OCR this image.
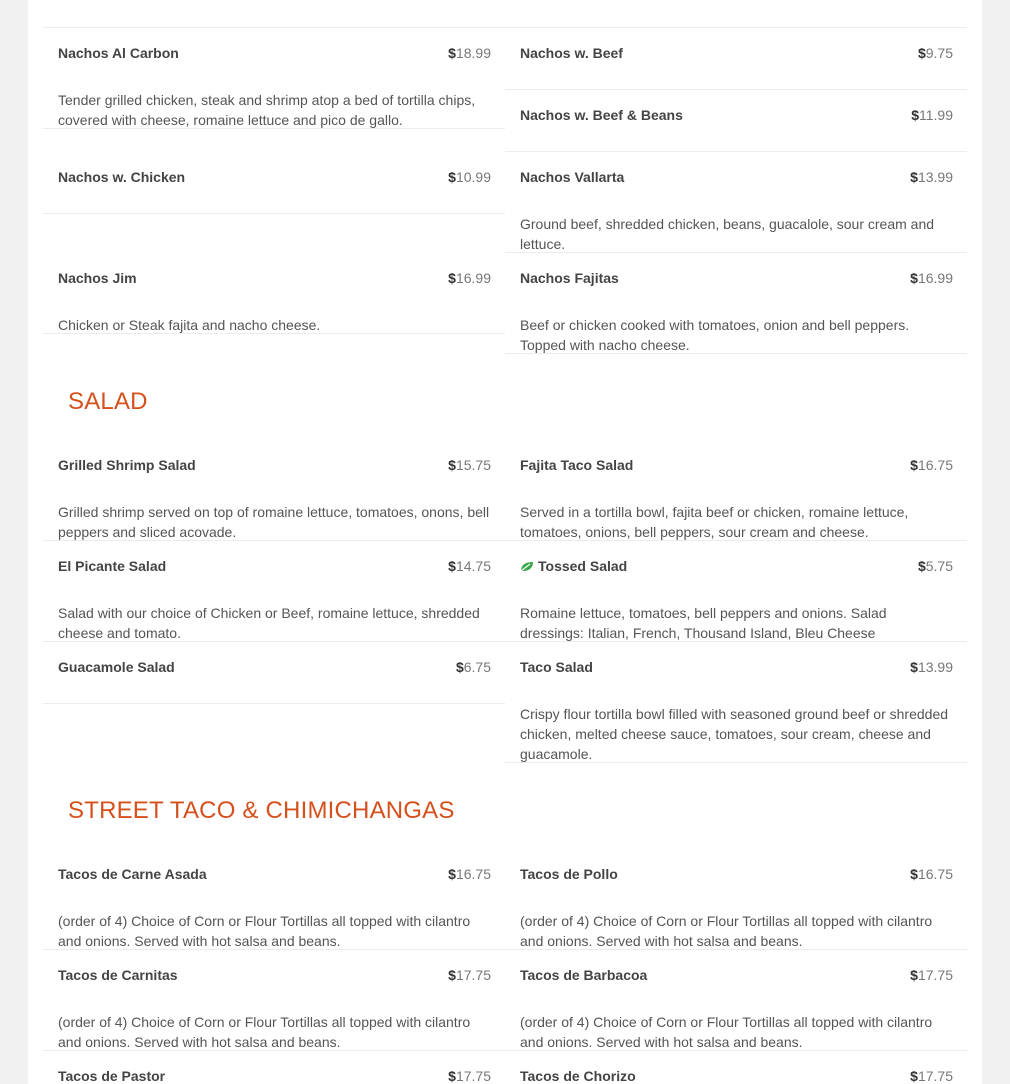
Nachos Al Carbon	$18.99
Tender grilled chicken, steak and shrimp atop a bed of tortilla chips, covered with cheese, romaine lettuce and pico de gallo.
Nachos w. Beef	$9.75
Nachos w. Beef & Beans	$11.99
Nachos w. Chicken	$10.99 Nachos Vallarta	$13.99
Ground beef, shredded chicken, beans, guacalole, sour cream and lettuce.
Nachos Jim	$16.99
Chicken or Steak fajita and nacho cheese.
Nachos Fajitas	$16.99
Beef or chicken cooked with tomatoes, onion and bell peppers. Topped with nacho cheese.
SALAD
Grilled Shrimp Salad	$15.75
Grilled shrimp served on top of romaine lettuce, tomatoes, onons, bell peppers and sliced acovade.
Fajita Taco Salad	$16.75
Served in a tortilla bowl, fajita beef or chicken, romaine lettuce, tomatoes, onions, bell peppers, sour cream and cheese.
El Picante Salad	$14.75
Salad with our choice of Chicken or Beef, romaine lettuce, shredded cheese and tomato.
Tossed Salad	$5.75
Romaine lettuce, tomatoes, bell peppers and onions. Salad dressings: Italian, French, Thousand Island, Bleu Cheese
Guacamole Salad	$6.75 Taco Salad	$13.99
Crispy flour tortilla bowl filled with seasoned ground beef or shredded chicken, melted cheese sauce, tomatoes, sour cream, cheese and guacamole.
STREET TACO & CHIMICHANGAS
Tacos de Carne Asada	$16.75
(order of 4) Choice of Corn or Flour Tortillas all topped with cilantro and onions. Served with hot salsa and beans.
Tacos de Pollo	$16.75
(order of 4) Choice of Corn or Flour Tortillas all topped with cilantro and onions. Served with hot salsa and beans.
Tacos de Carnitas	$17.75
(order of 4) Choice of Corn or Flour Tortillas all topped with cilantro and onions. Served with hot salsa and beans.
Tacos de Barbacoa	$17.75
(order of 4) Choice of Corn or Flour Tortillas all topped with cilantro and onions. Served with hot salsa and beans.
Tacos de Pastor	$17.75 Tacos de Chorizo	$17.75
